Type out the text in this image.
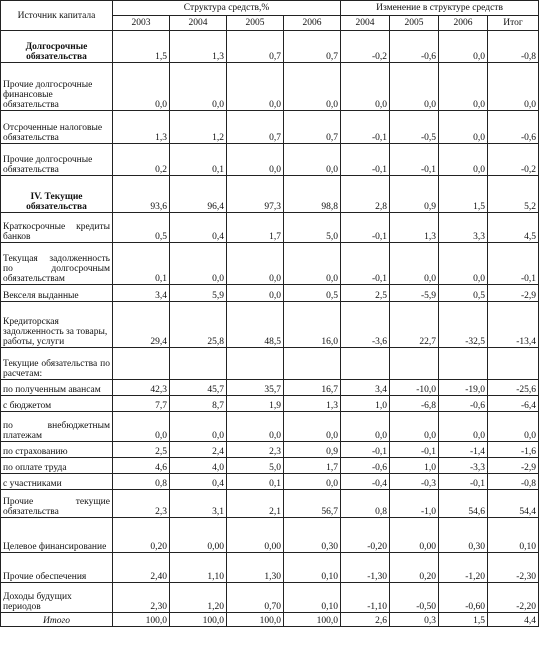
Источник капитала	Структура средств,%				Изменение в структуре средств			
	2003	2004	2005	2006	2004	2005	2006	Итог
Долгосрочные обязательства	1,5	1,3	0,7	0,7	-0,2	-0,6	0,0	-0,8
Прочие долгосрочные финансовые обязательства	0,0	0,0	0,0	0,0	0,0	0,0	0,0	0,0
Отсроченные налоговые обязательства	1,3	1,2	0,7	0,7	-0,1	-0,5	0,0	-0,6
Прочие долгосрочные обязательства	0,2	0,1	0,0	0,0	-0,1	-0,1	0,0	-0,2
IV. Текущие обязательства	93,6	96,4	97,3	98,8	2,8	0,9	1,5	5,2
Краткосрочные кредиты банков	0,5	0,4	1,7	5,0	-0,1	1,3	3,3	4,5
Текущая задолженность по долгосрочным обязательствам	0,1	0,0	0,0	0,0	-0,1	0,0	0,0	-0,1
Векселя выданные	3,4	5,9	0,0	0,5	2,5	-5,9	0,5	-2,9
Кредиторская задолженность за товары, работы, услуги	29,4	25,8	48,5	16,0	-3,6	22,7	-32,5	-13,4
Текущие обязательства по расчетам:								
по полученным авансам	42,3	45,7	35,7	16,7	3,4	-10,0	-19,0	-25,6
с бюджетом	7,7	8,7	1,9	1,3	1,0	-6,8	-0,6	-6,4
по внебюджетным платежам	0,0	0,0	0,0	0,0	0,0	0,0	0,0	0,0
по страхованию	2,5	2,4	2,3	0,9	-0,1	-0,1	-1,4	-1,6
по оплате труда	4,6	4,0	5,0	1,7	-0,6	1,0	-3,3	-2,9
с участниками	0,8	0,4	0,1	0,0	-0,4	-0,3	-0,1	-0,8
Прочие текущие обязательства	2,3	3,1	2,1	56,7	0,8	-1,0	54,6	54,4
Целевое финансирование	0,20	0,00	0,00	0,30	-0,20	0,00	0,30	0,10
Прочие обеспечения	2,40	1,10	1,30	0,10	-1,30	0,20	-1,20	-2,30
Доходы будущих периодов	2,30	1,20	0,70	0,10	-1,10	-0,50	-0,60	-2,20
Итого	100,0	100,0	100,0	100,0	2,6	0,3	1,5	4,4
